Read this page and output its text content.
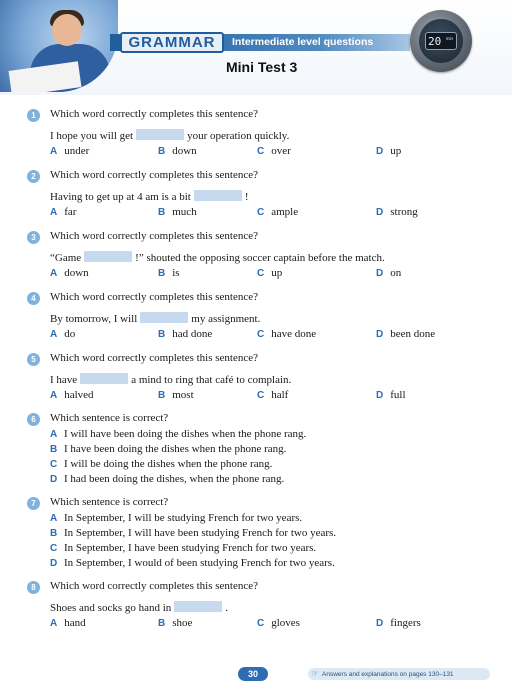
GRAMMAR	Intermediate level questions
Mini Test 3
20 min
1	Which word correctly completes this sentence?
I hope you will get	your operation quickly.
A under	B down	C over	D up
2	Which word correctly completes this sentence?
Having to get up at 4 am is a bit	!
A far	B much	C ample	D strong
3	Which word correctly completes this sentence?
“Game	!” shouted the opposing soccer captain before the match.
A down	B is	C up	D on
4	Which word correctly completes this sentence?
By tomorrow, I will	my assignment.
A do	B had done	C have done	D been done
5	Which word correctly completes this sentence?
I have	a mind to ring that café to complain.
A halved	B most	C half	D full
6	Which sentence is correct?
A I will have been doing the dishes when the phone rang.
B I have been doing the dishes when the phone rang.
C I will be doing the dishes when the phone rang.
D I had been doing the dishes, when the phone rang.
7	Which sentence is correct?
A In September, I will be studying French for two years.
B In September, I will have been studying French for two years.
C In September, I have been studying French for two years.
D In September, I would of been studying French for two years.
8	Which word correctly completes this sentence?
Shoes and socks go hand in	.
A hand	B shoe	C gloves	D fingers
30	☞ Answers and explanations on pages 130–131
